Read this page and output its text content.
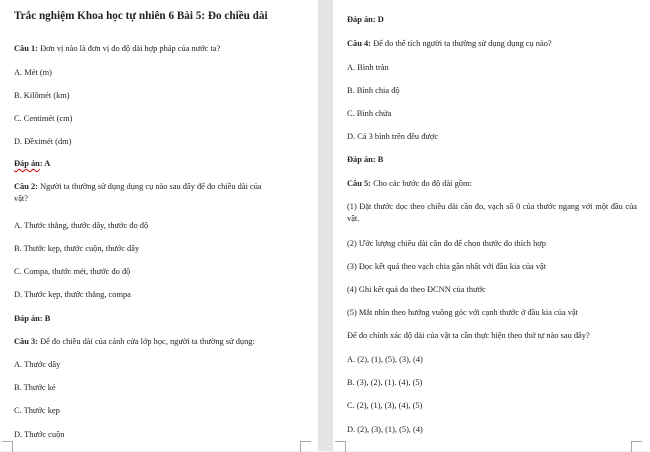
Trắc nghiệm Khoa học tự nhiên 6 Bài 5: Đo chiều dài
Câu 1: Đơn vị nào là đơn vị đo độ dài hợp pháp của nước ta?
A. Mét (m)
B. Kilômét (km)
C. Centimét (cm)
D. Đềximét (dm)
Đáp án: A
Câu 2: Người ta thường sử dụng dụng cụ nào sau đây để đo chiều dài của vật?
A. Thước thẳng, thước dây, thước đo độ
B. Thước kẹp, thước cuộn, thước dây
C. Compa, thước mét, thước đo độ
D. Thước kẹp, thước thẳng, compa
Đáp án: B
Câu 3: Để đo chiều dài của cánh cửa lớp học, người ta thường sử dụng:
A. Thước dây
B. Thước kẻ
C. Thước kẹp
D. Thước cuộn
Đáp án: D
Câu 4: Để đo thể tích người ta thường sử dụng dụng cụ nào?
A. Bình tràn
B. Bình chia độ
C. Bình chứa
D. Cả 3 bình trên đều được
Đáp án: B
Câu 5: Cho các bước đo độ dài gồm:
(1) Đặt thước dọc theo chiều dài cần đo, vạch số 0 của thước ngang với một đầu của vật.
(2) Ước lượng chiều dài cần đo để chọn thước đo thích hợp
(3) Đọc kết quả theo vạch chia gần nhất với đầu kia của vật
(4) Ghi kết quả đo theo ĐCNN của thước
(5) Mắt nhìn theo hướng vuông góc với cạnh thước ở đầu kia của vật
Để đo chính xác độ dài của vật ta cần thực hiện theo thứ tự nào sau đây?
A. (2), (1), (5), (3), (4)
B. (3), (2), (1). (4), (5)
C. (2), (1), (3), (4), (5)
D. (2), (3), (1), (5), (4)
